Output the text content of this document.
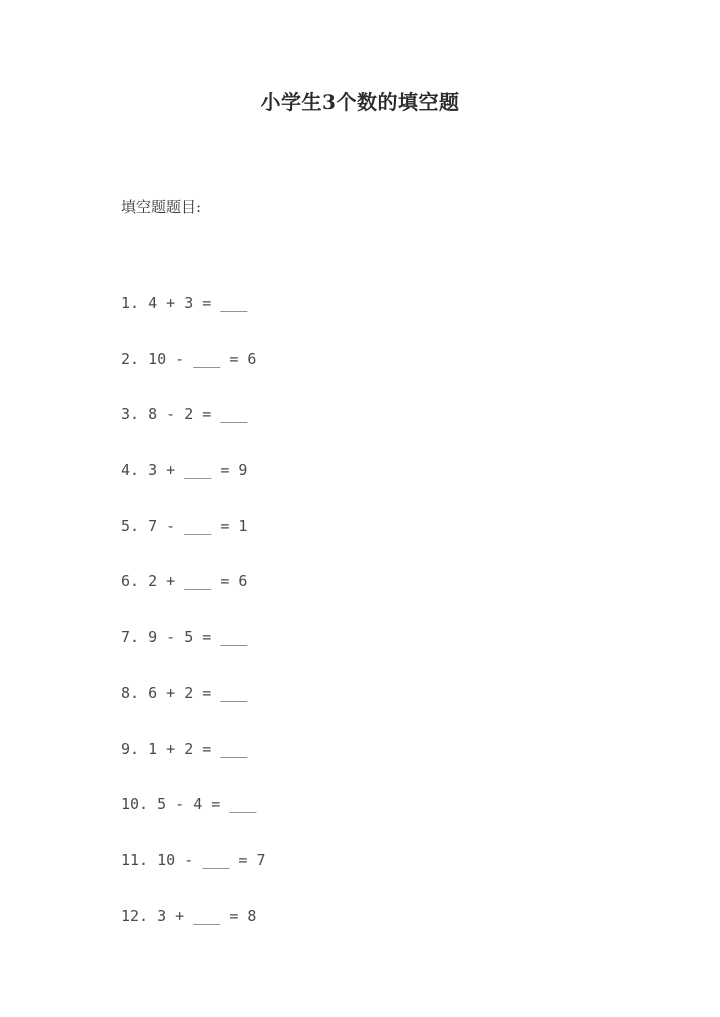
小学生3个数的填空题
填空题题目:
1. 4 + 3 = ___
2. 10 - ___ = 6
3. 8 - 2 = ___
4. 3 + ___ = 9
5. 7 - ___ = 1
6. 2 + ___ = 6
7. 9 - 5 = ___
8. 6 + 2 = ___
9. 1 + 2 = ___
10. 5 - 4 = ___
11. 10 - ___ = 7
12. 3 + ___ = 8
